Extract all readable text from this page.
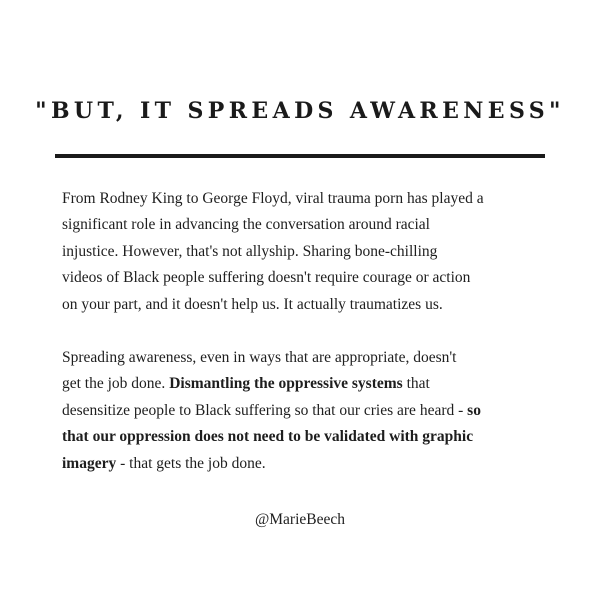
"BUT, IT SPREADS AWARENESS"

From Rodney King to George Floyd, viral trauma porn has played a
significant role in advancing the conversation around racial
injustice. However, that's not allyship. Sharing bone-chilling
videos of Black people suffering doesn't require courage or action
on your part, and it doesn't help us. It actually traumatizes us.

Spreading awareness, even in ways that are appropriate, doesn't
get the job done. Dismantling the oppressive systems that
desensitize people to Black suffering so that our cries are heard - so
that our oppression does not need to be validated with graphic
imagery - that gets the job done.

@MarieBeech
